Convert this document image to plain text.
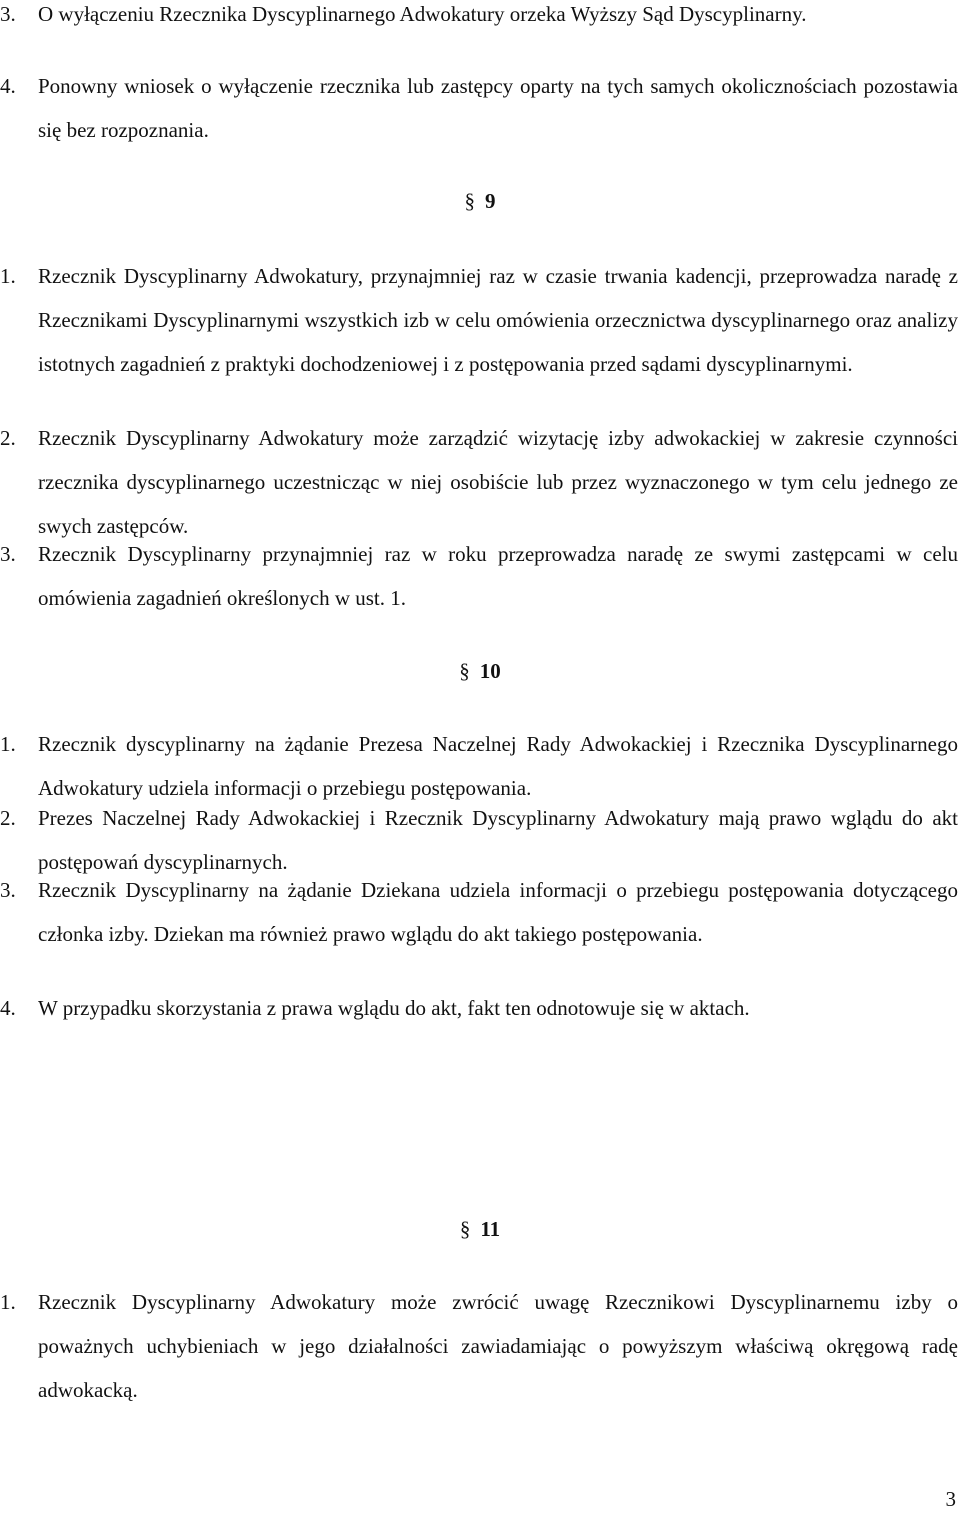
3.	O wyłączeniu Rzecznika Dyscyplinarnego Adwokatury orzeka Wyższy Sąd Dyscyplinarny.
4.	Ponowny wniosek o wyłączenie rzecznika lub zastępcy oparty na tych samych okolicznościach pozostawia się bez rozpoznania.
§ 9
1.	Rzecznik Dyscyplinarny Adwokatury, przynajmniej raz w czasie trwania kadencji, przeprowadza naradę z Rzecznikami Dyscyplinarnymi wszystkich izb w celu omówienia orzecznictwa dyscyplinarnego oraz analizy istotnych zagadnień z praktyki dochodzeniowej i z postępowania przed sądami dyscyplinarnymi.
2.	Rzecznik Dyscyplinarny Adwokatury może zarządzić wizytację izby adwokackiej w zakresie czynności rzecznika dyscyplinarnego uczestnicząc w niej osobiście lub przez wyznaczonego w tym celu jednego ze swych zastępców.
3.	Rzecznik Dyscyplinarny przynajmniej raz w roku przeprowadza naradę ze swymi zastępcami w celu omówienia zagadnień określonych w ust. 1.
§ 10
1.	Rzecznik dyscyplinarny na żądanie Prezesa Naczelnej Rady Adwokackiej i Rzecznika Dyscyplinarnego Adwokatury udziela informacji o przebiegu postępowania.
2.	Prezes Naczelnej Rady Adwokackiej i Rzecznik Dyscyplinarny Adwokatury mają prawo wglądu do akt postępowań dyscyplinarnych.
3.	Rzecznik Dyscyplinarny na żądanie Dziekana udziela informacji o przebiegu postępowania dotyczącego członka izby. Dziekan ma również prawo wglądu do akt takiego postępowania.
4.	W przypadku skorzystania z prawa wglądu do akt, fakt ten odnotowuje się w aktach.
§ 11
1.	Rzecznik Dyscyplinarny Adwokatury może zwrócić uwagę Rzecznikowi Dyscyplinarnemu izby o poważnych uchybieniach w jego działalności zawiadamiając o powyższym właściwą okręgową radę adwokacką.
3
